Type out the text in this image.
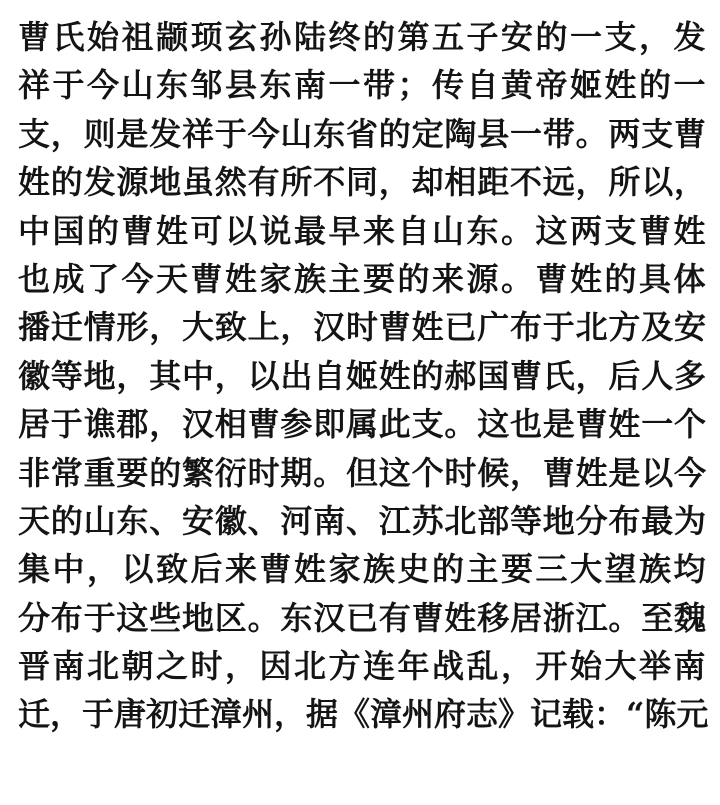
曹氏始祖颛顼玄孙陆终的第五子安的一支，发
祥于今山东邹县东南一带；传自黄帝姬姓的一
支，则是发祥于今山东省的定陶县一带。两支曹
姓的发源地虽然有所不同，却相距不远，所以，
中国的曹姓可以说最早来自山东。这两支曹姓
也成了今天曹姓家族主要的来源。曹姓的具体
播迁情形，大致上，汉时曹姓已广布于北方及安
徽等地，其中，以出自姬姓的郝国曹氏，后人多
居于谯郡，汉相曹参即属此支。这也是曹姓一个
非常重要的繁衍时期。但这个时候，曹姓是以今
天的山东、安徽、河南、江苏北部等地分布最为
集中，以致后来曹姓家族史的主要三大望族均
分布于这些地区。东汉已有曹姓移居浙江。至魏
晋南北朝之时，因北方连年战乱，开始大举南
迁，于唐初迁漳州，据《漳州府志》记载：“陈元
